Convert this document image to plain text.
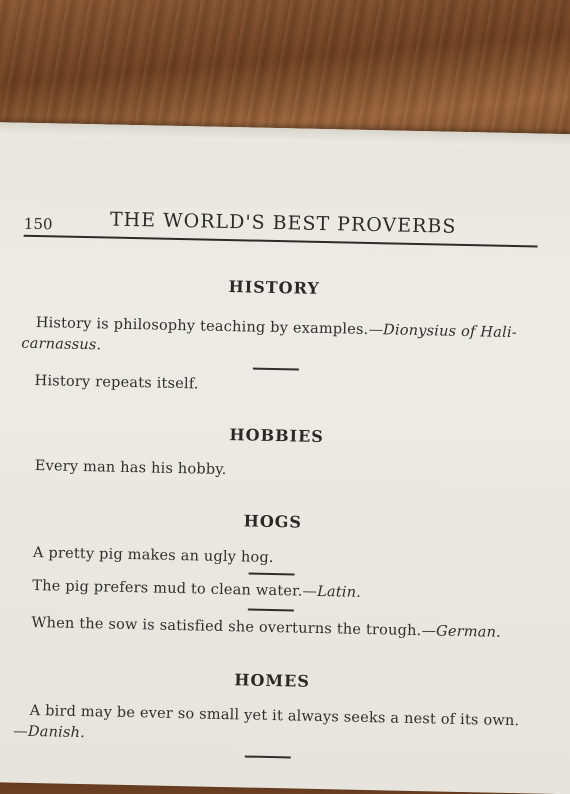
150	THE WORLD'S BEST PROVERBS
HISTORY
History is philosophy teaching by examples.—Dionysius of Hali-
carnassus.
History repeats itself.
HOBBIES
Every man has his hobby.
HOGS
A pretty pig makes an ugly hog.
The pig prefers mud to clean water.—Latin.
When the sow is satisfied she overturns the trough.—German.
HOMES
A bird may be ever so small yet it always seeks a nest of its own.
—Danish.
